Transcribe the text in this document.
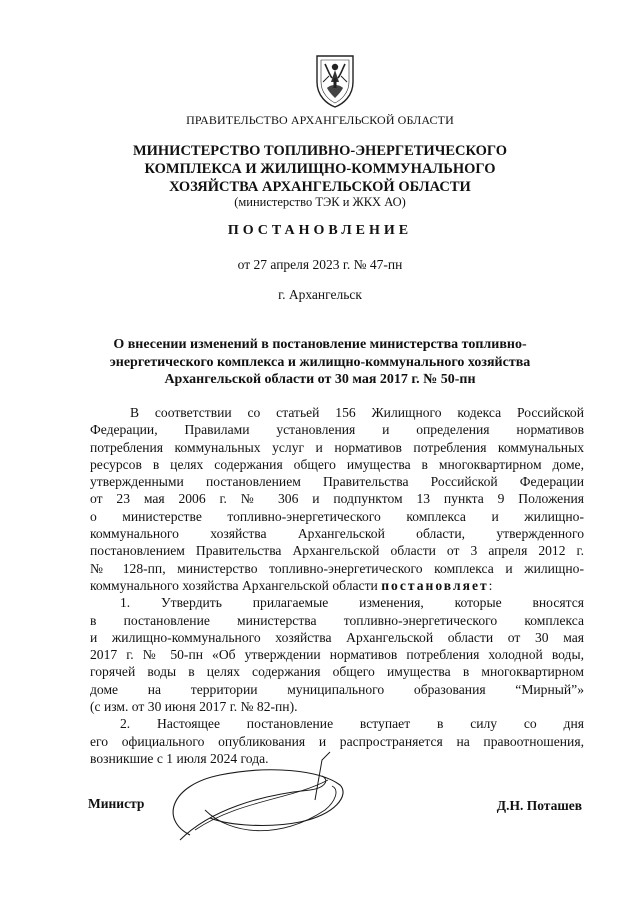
ПРАВИТЕЛЬСТВО АРХАНГЕЛЬСКОЙ ОБЛАСТИ
МИНИСТЕРСТВО ТОПЛИВНО-ЭНЕРГЕТИЧЕСКОГО
КОМПЛЕКСА И ЖИЛИЩНО-КОММУНАЛЬНОГО
ХОЗЯЙСТВА АРХАНГЕЛЬСКОЙ ОБЛАСТИ
(министерство ТЭК и ЖКХ АО)
ПОСТАНОВЛЕНИЕ
от 27 апреля 2023 г. № 47-пн
г. Архангельск
О внесении изменений в постановление министерства топливно-
энергетического комплекса и жилищно-коммунального хозяйства
Архангельской области от 30 мая 2017 г. № 50-пн
В соответствии со статьей 156 Жилищного кодекса Российской
Федерации, Правилами установления и определения нормативов
потребления коммунальных услуг и нормативов потребления коммунальных
ресурсов в целях содержания общего имущества в многоквартирном доме,
утвержденными постановлением Правительства Российской Федерации
от 23 мая 2006 г. № 306 и подпунктом 13 пункта 9 Положения
о министерстве топливно-энергетического комплекса и жилищно-
коммунального хозяйства Архангельской области, утвержденного
постановлением Правительства Архангельской области от 3 апреля 2012 г.
№ 128-пп, министерство топливно-энергетического комплекса и жилищно-
коммунального хозяйства Архангельской области постановляет:
1. Утвердить прилагаемые изменения, которые вносятся
в постановление министерства топливно-энергетического комплекса
и жилищно-коммунального хозяйства Архангельской области от 30 мая
2017 г. № 50-пн «Об утверждении нормативов потребления холодной воды,
горячей воды в целях содержания общего имущества в многоквартирном
доме на территории муниципального образования “Мирный”»
(с изм. от 30 июня 2017 г. № 82-пн).
2. Настоящее постановление вступает в силу со дня
его официального опубликования и распространяется на правоотношения,
возникшие с 1 июля 2024 года.
Министр	Д.Н. Поташев
